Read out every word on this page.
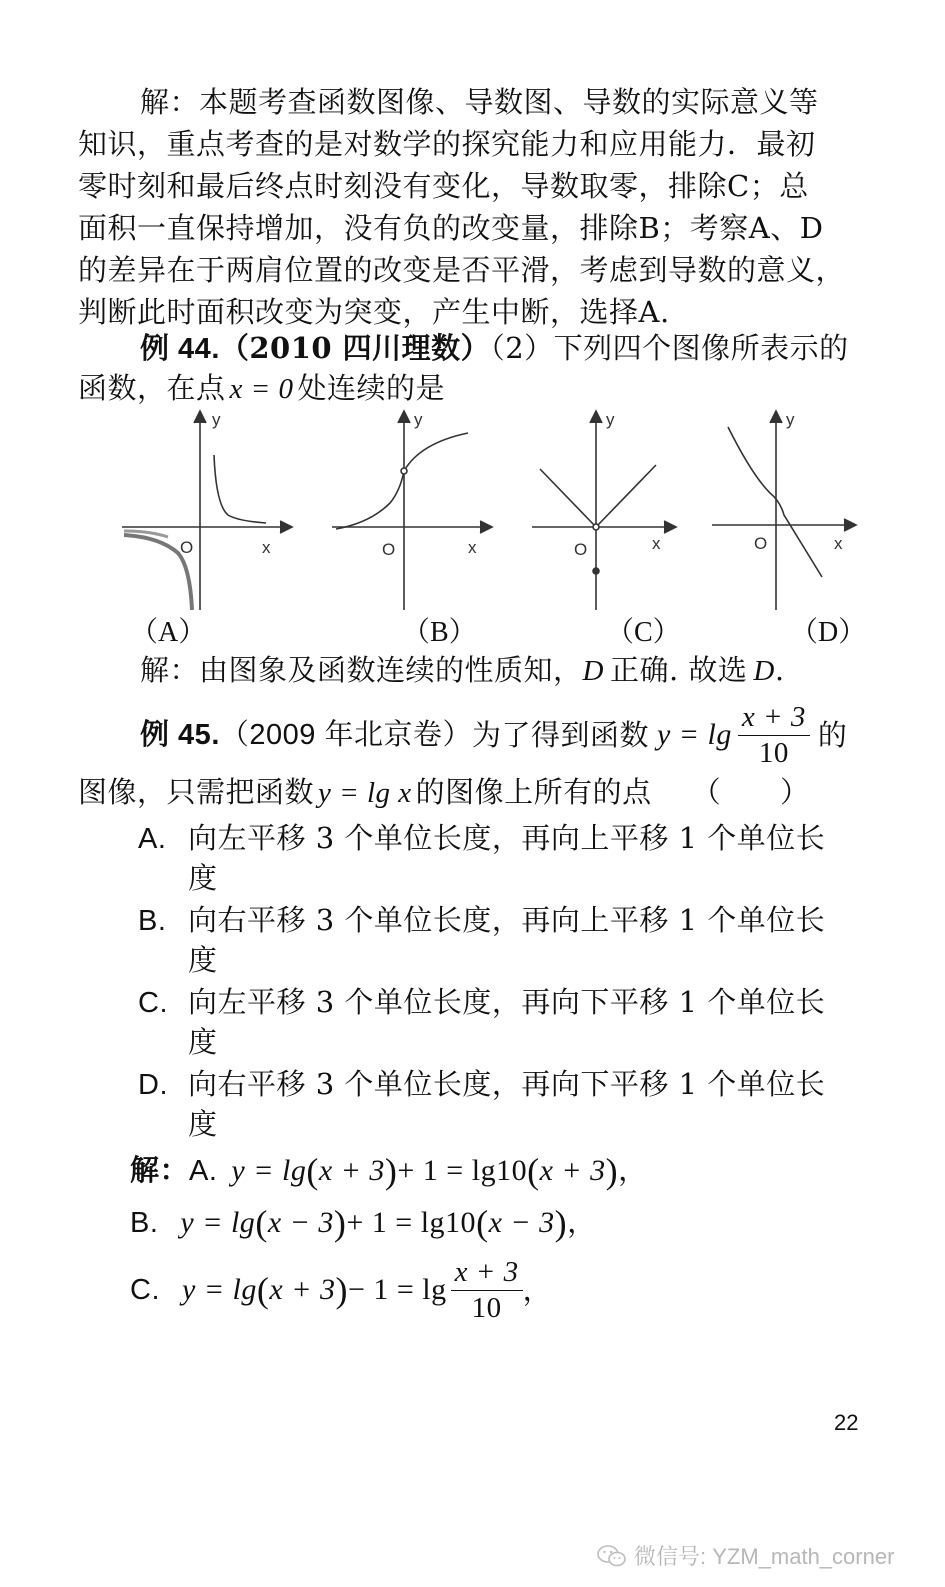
解：本题考查函数图像、导数图、导数的实际意义等
知识，重点考查的是对数学的探究能力和应用能力．最初
零时刻和最后终点时刻没有变化，导数取零，排除C；总
面积一直保持增加，没有负的改变量，排除B；考察A、D
的差异在于两肩位置的改变是否平滑，考虑到导数的意义，
判断此时面积改变为突变，产生中断，选择A.
例 44.（2010 四川理数）（2）下列四个图像所表示的
函数，在点 x = 0 处连续的是
y
O	x
y
O	x
y
O	x
y
O	x
（A）	（B）	（C）	（D）
解：由图象及函数连续的性质知，D 正确. 故选 D.
例 45. （2009 年北京卷） 为了得到函数 $y = \lg \frac{x + 3}{10}$ 的
图像，只需把函数 y = lg x 的图像上所有的点 （　　）
A. 向左平移 3 个单位长度，再向上平移 1 个单位长
度
B. 向右平移 3 个单位长度，再向上平移 1 个单位长
度
C. 向左平移 3 个单位长度，再向下平移 1 个单位长
度
D. 向右平移 3 个单位长度，再向下平移 1 个单位长
度
解：A. y = lg(x + 3)+ 1 = lg10(x + 3)，
B. y = lg(x − 3)+ 1 = lg10(x − 3)，
C. $y = \lg(x + 3)- 1 = \lg \frac{x + 3}{10}$ ，
22
微信号: YZM_math_corner
